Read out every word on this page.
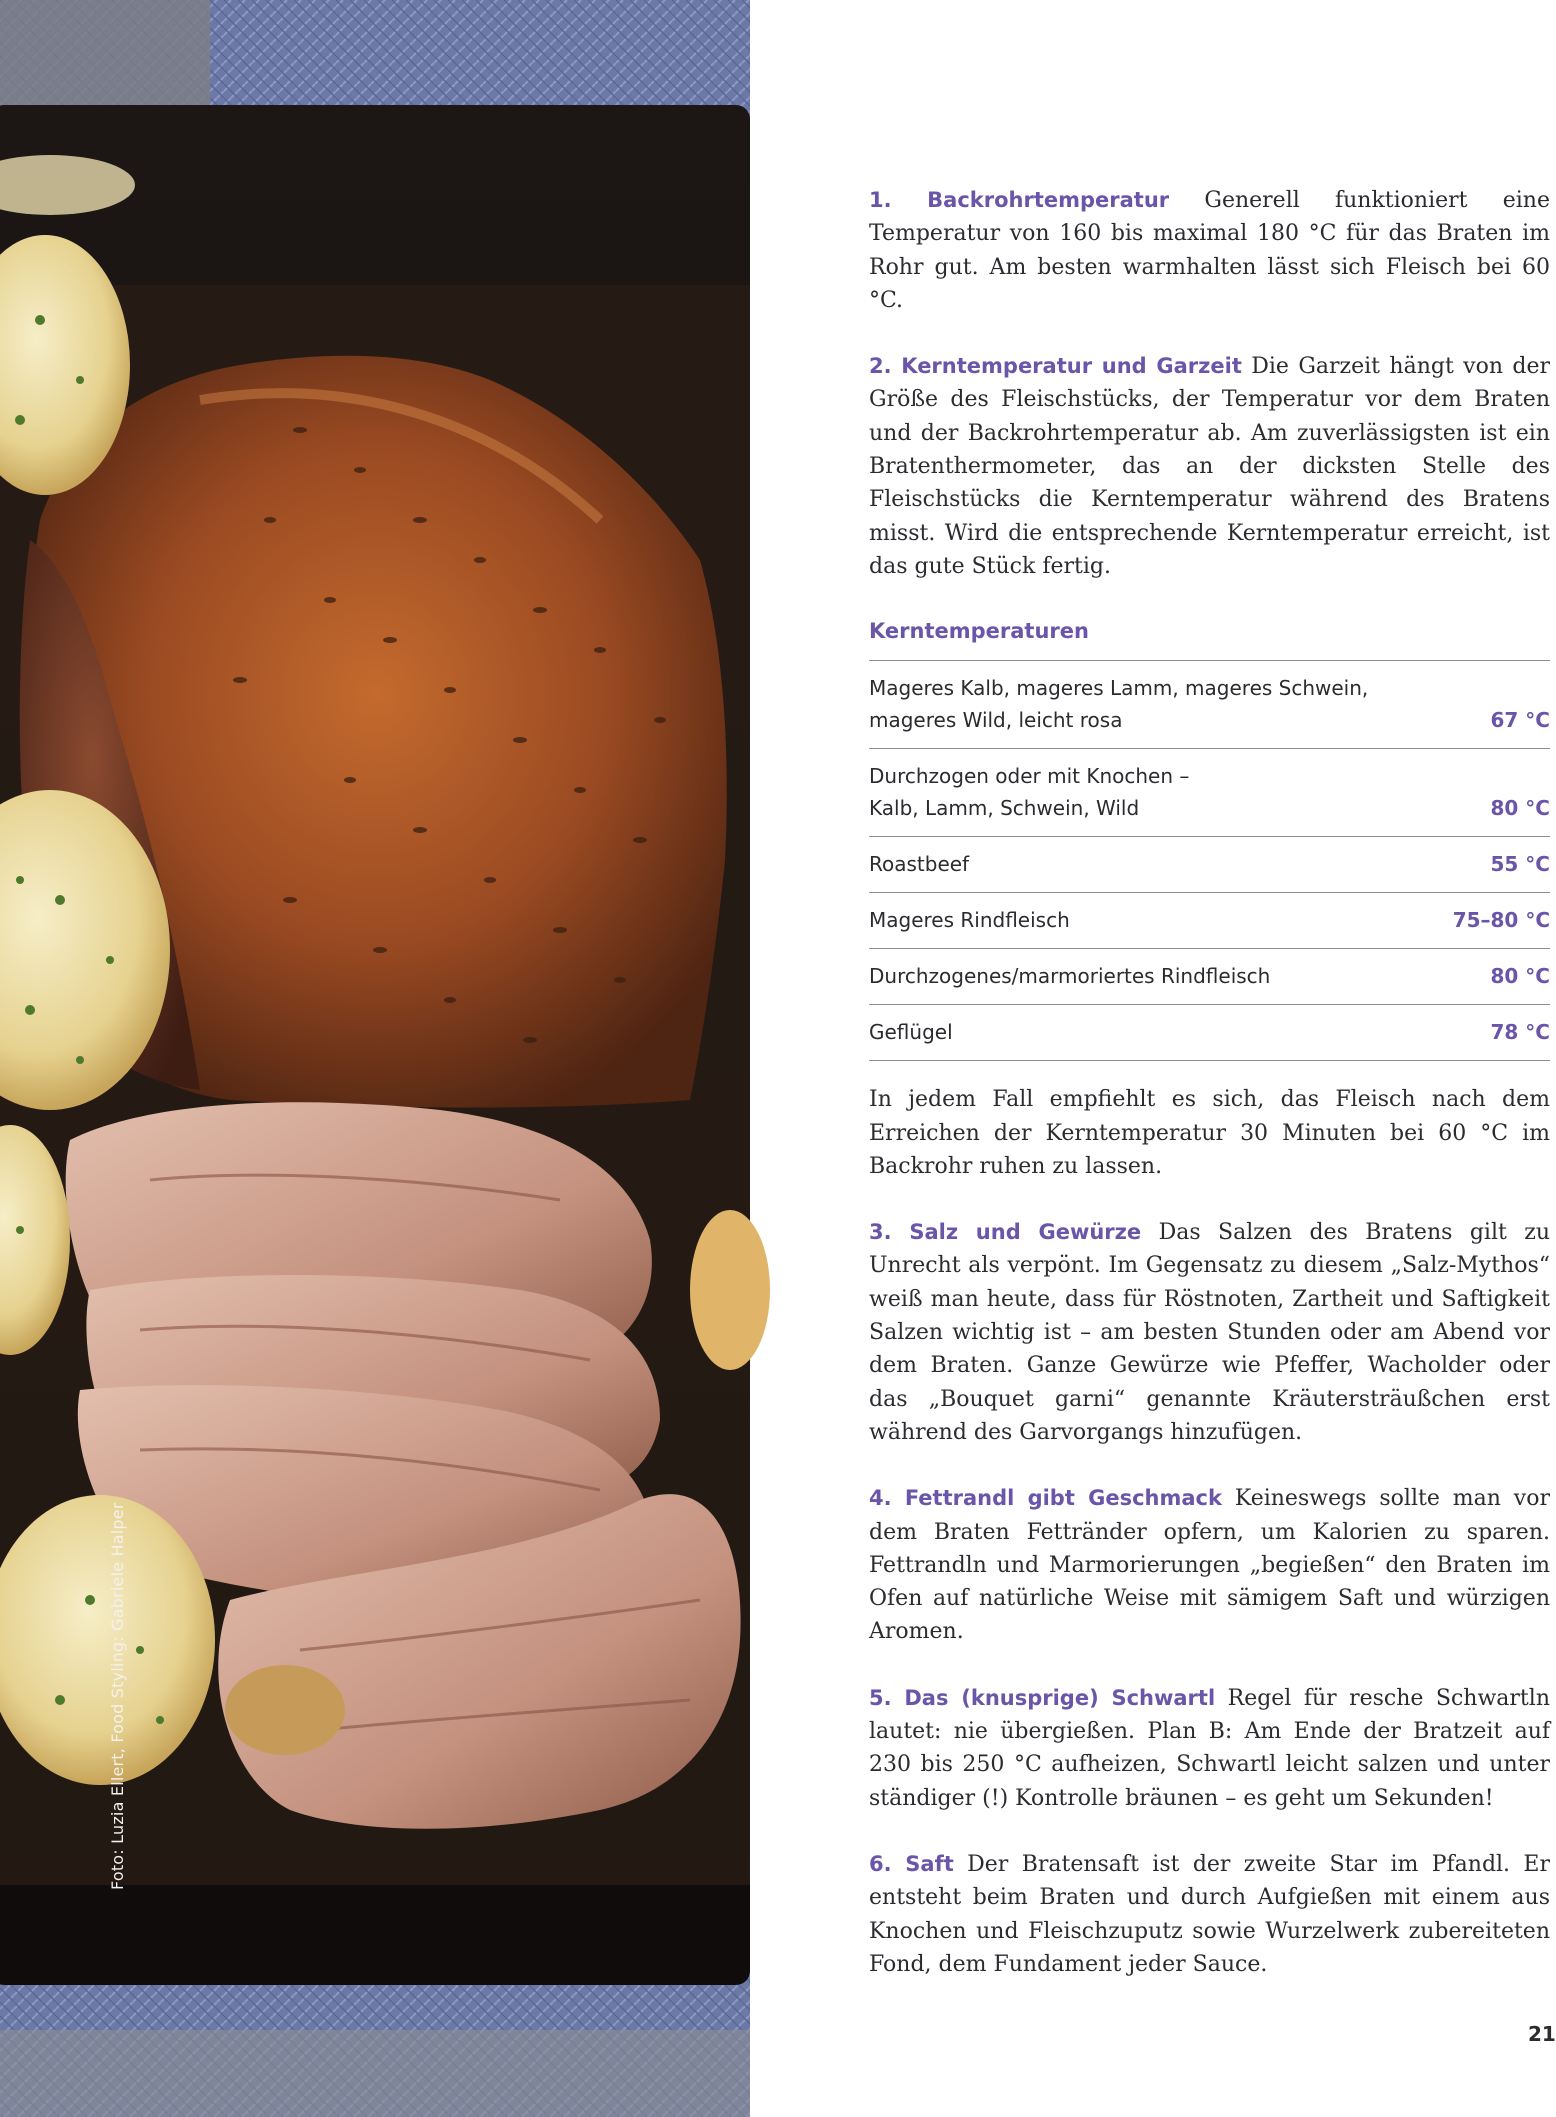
Foto: Luzia Ellert, Food Styling: Gabriele Halper

1. Backrohrtemperatur Generell funktioniert eine Temperatur von 160 bis maximal 180 °C für das Braten im Rohr gut. Am besten warmhalten lässt sich Fleisch bei 60 °C.

2. Kerntemperatur und Garzeit Die Garzeit hängt von der Größe des Fleischstücks, der Temperatur vor dem Braten und der Backrohrtemperatur ab. Am zuverlässigsten ist ein Bratenthermometer, das an der dicksten Stelle des Fleischstücks die Kerntemperatur während des Bratens misst. Wird die entsprechende Kerntemperatur erreicht, ist das gute Stück fertig.

Kerntemperaturen
Mageres Kalb, mageres Lamm, mageres Schwein, mageres Wild, leicht rosa	67 °C
Durchzogen oder mit Knochen – Kalb, Lamm, Schwein, Wild	80 °C
Roastbeef	55 °C
Mageres Rindfleisch	75–80 °C
Durchzogenes/marmoriertes Rindfleisch	80 °C
Geflügel	78 °C

In jedem Fall empfiehlt es sich, das Fleisch nach dem Erreichen der Kerntemperatur 30 Minuten bei 60 °C im Backrohr ruhen zu lassen.

3. Salz und Gewürze Das Salzen des Bratens gilt zu Unrecht als verpönt. Im Gegensatz zu diesem „Salz-Mythos“ weiß man heute, dass für Röstnoten, Zartheit und Saftigkeit Salzen wichtig ist – am besten Stunden oder am Abend vor dem Braten. Ganze Gewürze wie Pfeffer, Wacholder oder das „Bouquet garni“ genannte Kräutersträußchen erst während des Garvorgangs hinzufügen.

4. Fettrandl gibt Geschmack Keineswegs sollte man vor dem Braten Fettränder opfern, um Kalorien zu sparen. Fettrandln und Marmorierungen „begießen“ den Braten im Ofen auf natürliche Weise mit sämigem Saft und würzigen Aromen.

5. Das (knusprige) Schwartl Regel für resche Schwartln lautet: nie übergießen. Plan B: Am Ende der Bratzeit auf 230 bis 250 °C aufheizen, Schwartl leicht salzen und unter ständiger (!) Kontrolle bräunen – es geht um Sekunden!

6. Saft Der Bratensaft ist der zweite Star im Pfandl. Er entsteht beim Braten und durch Aufgießen mit einem aus Knochen und Fleischzuputz sowie Wurzelwerk zubereiteten Fond, dem Fundament jeder Sauce.

21
